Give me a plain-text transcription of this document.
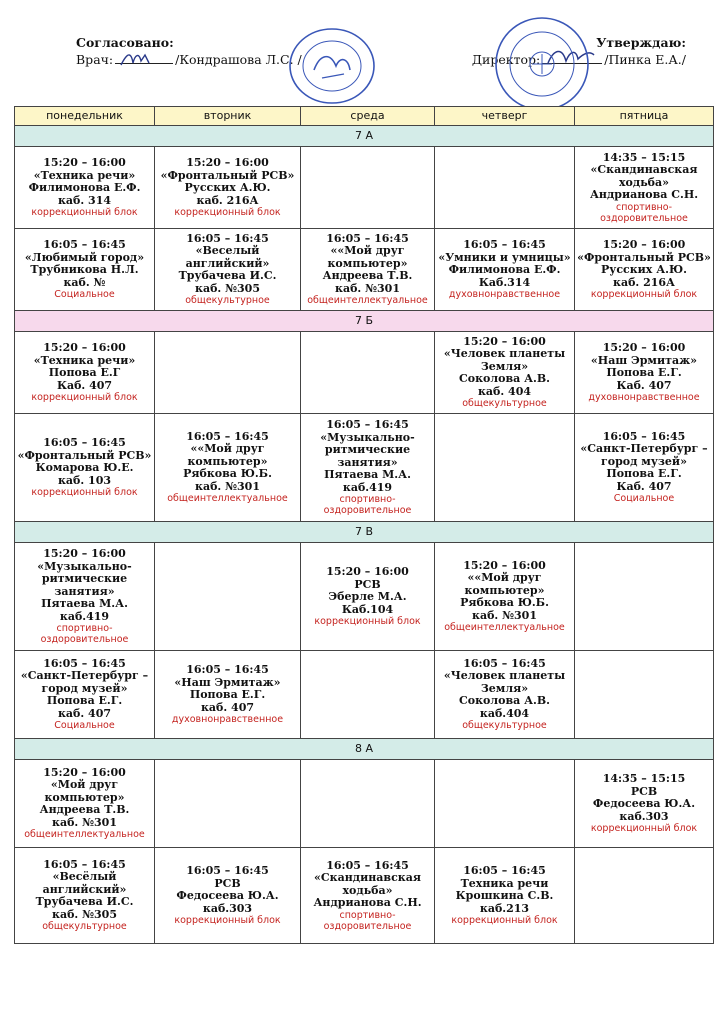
Согласовано:
Врач:	/Кондрашова Л.С. /
Утверждаю:
Директор:	/Пинка Е.А./
понедельник	вторник	среда	четверг	пятница
7 А				

15:20 – 16:00
«Техника речи»
Филимонова Е.Ф.
каб. 314
коррекционный блок	15:20 – 16:00
«Фронтальный РСВ»
Русских А.Ю.
каб. 216А
коррекционный блок			14:35 – 15:15
«Скандинавская ходьба»
Андрианова С.Н.
спортивно-оздоровительное

16:05 – 16:45
«Любимый город»
Трубникова Н.Л.
каб. №
Социальное	16:05 – 16:45
«Веселый английский»
Трубачева И.С.
каб. №305
общекультурное	16:05 – 16:45
««Мой друг компьютер»
Андреева Т.В.
каб. №301
общеинтеллектуальное	16:05 – 16:45
«Умники и умницы»
Филимонова Е.Ф.
Каб.314
духовнонравственное	15:20 – 16:00
«Фронтальный РСВ»
Русских А.Ю.
каб. 216А
коррекционный блок

7 Б				

15:20 – 16:00
«Техника речи»
Попова Е.Г
Каб. 407
коррекционный блок			15:20 – 16:00
«Человек планеты Земля»
Соколова А.В.
каб. 404
общекультурное	15:20 – 16:00
«Наш Эрмитаж»
Попова Е.Г.
Каб. 407
духовнонравственное

16:05 – 16:45
«Фронтальный РСВ»
Комарова Ю.Е.
каб. 103
коррекционный блок	16:05 – 16:45
««Мой друг компьютер»
Рябкова Ю.Б.
каб. №301
общеинтеллектуальное	16:05 – 16:45
«Музыкально-ритмические занятия»
Пятаева М.А.
каб.419
спортивно-оздоровительное		16:05 – 16:45
«Санкт-Петербург – город музей»
Попова Е.Г.
Каб. 407
Социальное

7 В				

15:20 – 16:00
«Музыкально-ритмические занятия»
Пятаева М.А.
каб.419
спортивно-оздоровительное		15:20 – 16:00
РСВ
Эберле М.А.
Каб.104
коррекционный блок	15:20 – 16:00
««Мой друг компьютер»
Рябкова Ю.Б.
каб. №301
общеинтеллектуальное	

16:05 – 16:45
«Санкт-Петербург – город музей»
Попова Е.Г.
каб. 407
Социальное	16:05 – 16:45
«Наш Эрмитаж»
Попова Е.Г.
каб. 407
духовнонравственное		16:05 – 16:45
«Человек планеты Земля»
Соколова А.В.
каб.404
общекультурное	

8 А				

15:20 – 16:00
«Мой друг компьютер»
Андреева Т.В.
каб. №301
общеинтеллектуальное				14:35 – 15:15
РСВ
Федосеева Ю.А.
каб.303
коррекционный блок

16:05 – 16:45
«Весёлый английский»
Трубачева И.С.
каб. №305
общекультурное	16:05 – 16:45
РСВ
Федосеева Ю.А.
каб.303
коррекционный блок	16:05 – 16:45
«Скандинавская ходьба»
Андрианова С.Н.
спортивно-оздоровительное	16:05 – 16:45
Техника речи
Крошкина С.В.
каб.213
коррекционный блок	
